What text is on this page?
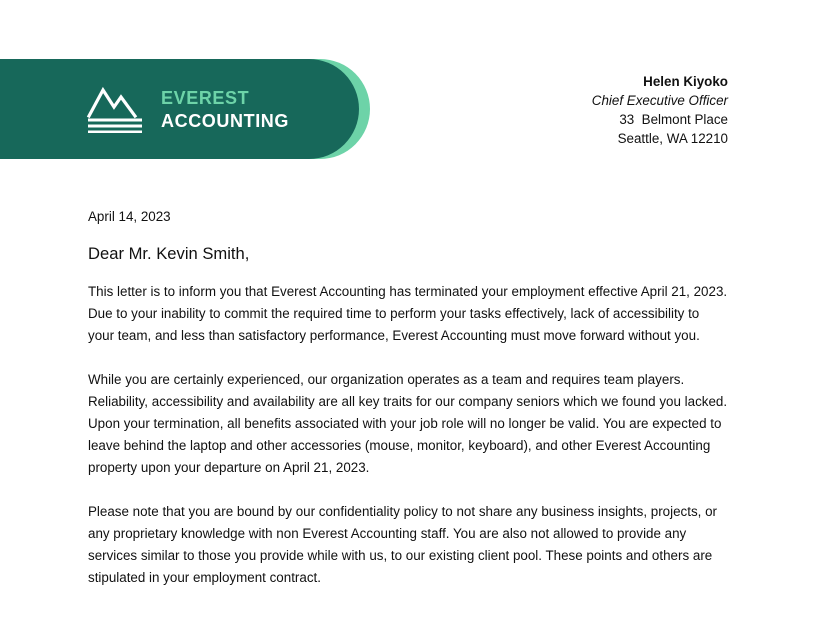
EVEREST
ACCOUNTING
Helen Kiyoko
Chief Executive Officer
33  Belmont Place
Seattle, WA 12210
April 14, 2023
Dear Mr. Kevin Smith,

This letter is to inform you that Everest Accounting has terminated your employment effective April 21, 2023. Due to your inability to commit the required time to perform your tasks effectively, lack of accessibility to your team, and less than satisfactory performance, Everest Accounting must move forward without you.

While you are certainly experienced, our organization operates as a team and requires team players. Reliability, accessibility and availability are all key traits for our company seniors which we found you lacked. Upon your termination, all benefits associated with your job role will no longer be valid. You are expected to leave behind the laptop and other accessories (mouse, monitor, keyboard), and other Everest Accounting property upon your departure on April 21, 2023.

Please note that you are bound by our confidentiality policy to not share any business insights, projects, or any proprietary knowledge with non Everest Accounting staff. You are also not allowed to provide any services similar to those you provide while with us, to our existing client pool. These points and others are stipulated in your employment contract.
